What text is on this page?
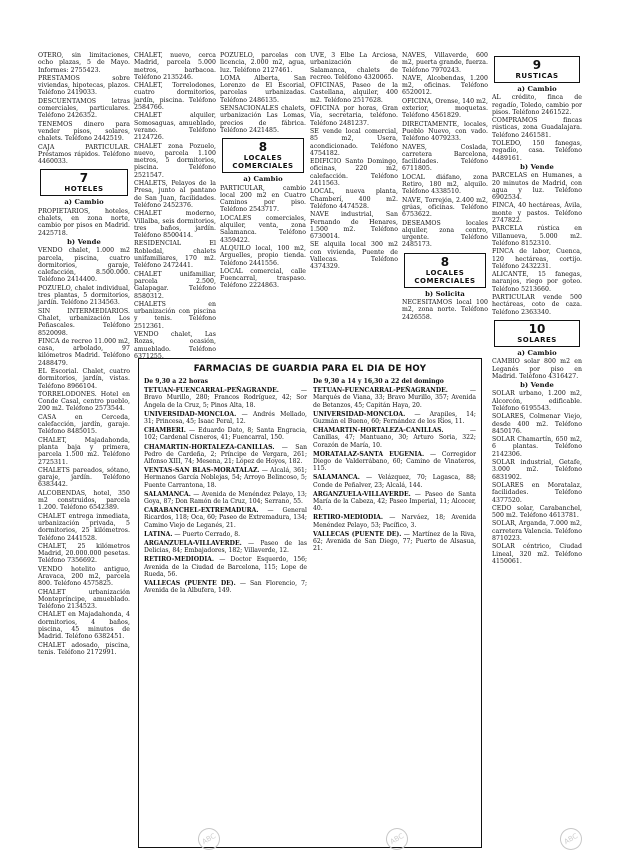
OTERO, sin limitaciones, ocho plazas, 5 de Mayo. Informes: 2755423.
PRESTAMOS sobre viviendas, hipotecas, plazos. Teléfono 2419033.
DESCUENTAMOS letras comerciales, particulares. Teléfono 2426352.
TENEMOS dinero para vender pisos, solares, chalets. Teléfono 2442519.
CAJA PARTICULAR. Préstamos rápidos. Teléfono 4460033.
7
HOTELES
a) Cambio
PROPIETARIOS, hoteles, chalets, en zona norte, cambio por pisos en Madrid. 2425718.
b) Vende
VENDO chalet, 1.000 m2 parcela, piscina, cuatro dormitorios, garaje, calefacción, 8.500.000. Teléfono 2414400.
POZUELO, chalet individual, tres plantas, 5 dormitorios, jardín. Teléfono 2134563.
SIN INTERMEDIARIOS. Chalet, urbanización Los Peñascales. Teléfono 8520098.
FINCA de recreo 11.000 m2, casa, arbolado, 97 kilómetros Madrid. Teléfono 2488479.
EL Escorial. Chalet, cuatro dormitorios, jardín, vistas. Teléfono 8966104.
TORRELODONES. Hotel en Conde Casal, centro pueblo, 200 m2. Teléfono 2573544.
CASA en Cerceda, calefacción, jardín, garaje. Teléfono 8485015.
CHALET, Majadahonda, planta baja y primera, parcela 1.500 m2. Teléfono 2725311.
CHALETS pareados, sótano, garaje, jardín. Teléfono 6383442.
ALCOBENDAS, hotel, 350 m2 construidos, parcela 1.200. Teléfono 6542389.
CHALET entrega inmediata, urbanización privada, 5 dormitorios, 25 kilómetros. Teléfono 2441528.
CHALET, 25 kilómetros Madrid, 20.000.000 pesetas. Teléfono 7356692.
VENDO hotelito antiguo, Aravaca, 200 m2, parcela 800. Teléfono 4575825.
CHALET urbanización Montepríncipe, amueblado. Teléfono 2134523.
CHALET en Majadahonda, 4 dormitorios, 4 baños, piscina, 45 minutos de Madrid. Teléfono 6382451.
CHALET adosado, piscina, tenis. Teléfono 2172991.
CHALET, nuevo, cerca Madrid, parcela 5.000 metros, barbacoa. Teléfono 2135246.
CHALET, Torrelodones, cuatro dormitorios, jardín, piscina. Teléfono 2584766.
CHALET alquiler, Somosaguas, amueblado, verano. Teléfono 2124726.
CHALET zona Pozuelo, nuevo, parcela 1.100 metros, 5 dormitorios, piscina. Teléfono 2521547.
CHALETS, Pelayos de la Presa, junto al pantano de San Juan, facilidades. Teléfono 2452376.
CHALET moderno, Villalba, seis dormitorios, tres baños, jardín. Teléfono 8500414.
RESIDENCIAL El Robledal, chalets unifamiliares, 170 m2. Teléfono 2472441.
CHALET unifamiliar, parcela 2.500, Galapagar. Teléfono 8580312.
CHALETS en urbanización con piscina y tenis. Teléfono 2512361.
VENDO chalet, Las Rozas, ocasión, amueblado. Teléfono 6371255.
POZUELO, parcelas con licencia, 2.000 m2, agua, luz. Teléfono 2127461.
LOMA Alberta, San Lorenzo de El Escorial, parcelas urbanizadas. Teléfono 2486135.
SENSACIONALES chalets, urbanización Las Lomas, precios de fábrica. Teléfono 2421485.
8
LOCALES COMERCIALES
a) Cambio
PARTICULAR, cambio local 200 m2 en Cuatro Caminos por piso. Teléfono 2543717.
LOCALES comerciales, alquiler, venta, zona Salamanca. Teléfono 4359422.
ALQUILO local, 100 m2, Arguelles, propio tienda. Teléfono 2441556.
LOCAL comercial, calle Fuencarral, traspaso. Teléfono 2224863.
UVE, 3 Elbe La Arciosa, urbanización de Salamanca, chalets de recreo. Teléfono 4320065.
OFICINAS, Paseo de la Castellana, alquiler, 400 m2. Teléfono 2517628.
OFICINA por horas, Gran Vía, secretaria, teléfono. Teléfono 2481237.
SE vende local comercial, 85 m2, Usera, acondicionado. Teléfono 4754182.
EDIFICIO Santo Domingo, oficinas, 220 m2, calefacción. Teléfono 2411563.
LOCAL, nueva planta, Chamberí, 400 m2. Teléfono 4474528.
NAVE industrial, San Fernando de Henares, 1.500 m2. Teléfono 6730014.
SE alquila local 300 m2 con vivienda, Puente de Vallecas. Teléfono 4374329.
NAVES, Villaverde, 600 m2, puerta grande, fuerza. Teléfono 7970243.
NAVE, Alcobendas, 1.200 m2, oficinas. Teléfono 6520012.
OFICINA, Orense, 140 m2, exterior, moquetas. Teléfono 4561829.
DIRECTAMENTE, locales, Pueblo Nuevo, con vado. Teléfono 4079233.
NAVES, Coslada, carretera Barcelona, facilidades. Teléfono 6711805.
LOCAL diáfano, zona Retiro, 180 m2, alquilo. Teléfono 4338510.
NAVE, Torrejón, 2.400 m2, grúas, oficinas. Teléfono 6753622.
DESEAMOS locales alquiler, zona centro, urgente. Teléfono 2485173.
8
LOCALES COMERCIALES
b) Solicita
NECESITAMOS local 100 m2, zona norte. Teléfono 2426558.
9
RUSTICAS
a) Cambio
AL crédito, finca de regadío, Toledo, cambio por pisos. Teléfono 2461522.
COMPRAMOS fincas rústicas, zona Guadalajara. Teléfono 2461581.
TOLEDO, 150 fanegas, regadío, casa. Teléfono 4489161.
b) Vende
PARCELAS en Humanes, a 20 minutos de Madrid, con agua y luz. Teléfono 6902534.
FINCA, 40 hectáreas, Ávila, monte y pastos. Teléfono 2747822.
PARCELA rústica en Villanueva, 5.000 m2. Teléfono 8152310.
FINCA de labor, Cuenca, 120 hectáreas, cortijo. Teléfono 2432231.
ALICANTE, 15 fanegas, naranjos, riego por goteo. Teléfono 5213660.
PARTICULAR vende 500 hectáreas, coto de caza. Teléfono 2363340.
10
SOLARES
a) Cambio
CAMBIO solar 800 m2 en Leganés por piso en Madrid. Teléfono 4316427.
b) Vende
SOLAR urbano, 1.200 m2, Alcorcón, edificable. Teléfono 6195543.
SOLARES, Colmenar Viejo, desde 400 m2. Teléfono 8450176.
SOLAR Chamartín, 650 m2, 6 plantas. Teléfono 2142306.
SOLAR industrial, Getafe, 3.000 m2. Teléfono 6831902.
SOLARES en Moratalaz, facilidades. Teléfono 4377520.
CEDO solar, Carabanchel, 500 m2. Teléfono 4613781.
SOLAR, Arganda, 7.000 m2, carretera Valencia. Teléfono 8710223.
SOLAR céntrico, Ciudad Lineal, 320 m2. Teléfono 4150061.
FARMACIAS DE GUARDIA PARA EL DIA DE HOY
De 9,30 a 22 horas
TETUAN-FUENCARRAL-PEÑAGRANDE. — Bravo Murillo, 280; Francos Rodríguez, 42; Sor Ángela de la Cruz, 5; Pinos Alta, 18.
UNIVERSIDAD-MONCLOA. — Andrés Mellado, 31; Princesa, 45; Isaac Peral, 12.
CHAMBERI. — Eduardo Dato, 8; Santa Engracia, 102; Cardenal Cisneros, 41; Fuencarral, 150.
CHAMARTIN-HORTALEZA-CANILLAS. — San Pedro de Cardeña, 2; Príncipe de Vergara, 261; Alfonso XIII, 74; Mesena, 21; López de Hoyos, 182.
VENTAS-SAN BLAS-MORATALAZ. — Alcalá, 361; Hermanos García Noblejas, 54; Arroyo Belincoso, 5; Fuente Carrantona, 18.
SALAMANCA. — Avenida de Menéndez Pelayo, 13; Goya, 87; Don Ramón de la Cruz, 104; Serrano, 55.
CARABANCHEL-EXTREMADURA. — General Ricardos, 118; Oca, 60; Paseo de Extremadura, 134; Camino Viejo de Leganés, 21.
LATINA. — Puerto Cerrado, 8.
ARGANZUELA-VILLAVERDE. — Paseo de las Delicias, 84; Embajadores, 182; Villaverde, 12.
RETIRO-MEDIODIA. — Doctor Esquerdo, 156; Avenida de la Ciudad de Barcelona, 115; Lope de Rueda, 56.
VALLECAS (PUENTE DE). — San Florencio, 7; Avenida de la Albufera, 149.
De 9,30 a 14 y 16,30 a 22 del domingo
TETUAN-FUENCARRAL-PEÑAGRANDE. — Marqués de Viana, 33; Bravo Murillo, 357; Avenida de Betanzos, 45; Capitán Haya, 20.
UNIVERSIDAD-MONCLOA. — Arapiles, 14; Guzmán el Bueno, 60; Fernández de los Ríos, 11.
CHAMARTIN-HORTALEZA-CANILLAS. — Canillas, 47; Mantuano, 30; Arturo Soria, 322; Corazón de María, 10.
MORATALAZ-SANTA EUGENIA. — Corregidor Diego de Valderrábano, 60; Camino de Vinateros, 115.
SALAMANCA. — Velázquez, 70; Lagasca, 88; Conde de Peñalver, 23; Alcalá, 144.
ARGANZUELA-VILLAVERDE. — Paseo de Santa María de la Cabeza, 42; Paseo Imperial, 11; Alcocer, 40.
RETIRO-MEDIODIA. — Narváez, 18; Avenida Menéndez Pelayo, 53; Pacífico, 3.
VALLECAS (PUENTE DE). — Martínez de la Riva, 62; Avenida de San Diego, 77; Puerto de Alsasua, 21.
ABC	ABC	ABC
